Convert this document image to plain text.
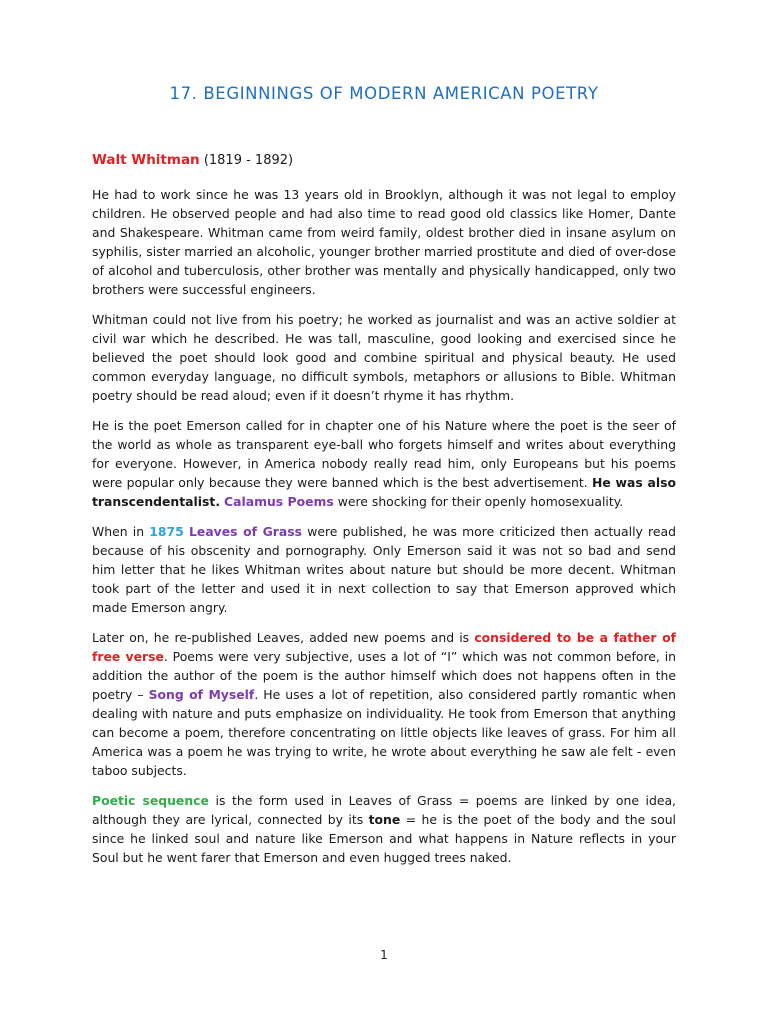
17. BEGINNINGS OF MODERN AMERICAN POETRY
Walt Whitman (1819 - 1892)

He had to work since he was 13 years old in Brooklyn, although it was not legal to employ children. He observed people and had also time to read good old classics like Homer, Dante and Shakespeare. Whitman came from weird family, oldest brother died in insane asylum on syphilis, sister married an alcoholic, younger brother married prostitute and died of over-dose of alcohol and tuberculosis, other brother was mentally and physically handicapped, only two brothers were successful engineers.

Whitman could not live from his poetry; he worked as journalist and was an active soldier at civil war which he described. He was tall, masculine, good looking and exercised since he believed the poet should look good and combine spiritual and physical beauty. He used common everyday language, no difficult symbols, metaphors or allusions to Bible. Whitman poetry should be read aloud; even if it doesn’t rhyme it has rhythm.

He is the poet Emerson called for in chapter one of his Nature where the poet is the seer of the world as whole as transparent eye-ball who forgets himself and writes about everything for everyone. However, in America nobody really read him, only Europeans but his poems were popular only because they were banned which is the best advertisement. He was also transcendentalist. Calamus Poems were shocking for their openly homosexuality.

When in 1875 Leaves of Grass were published, he was more criticized then actually read because of his obscenity and pornography. Only Emerson said it was not so bad and send him letter that he likes Whitman writes about nature but should be more decent. Whitman took part of the letter and used it in next collection to say that Emerson approved which made Emerson angry.

Later on, he re-published Leaves, added new poems and is considered to be a father of free verse. Poems were very subjective, uses a lot of “I” which was not common before, in addition the author of the poem is the author himself which does not happens often in the poetry – Song of Myself. He uses a lot of repetition, also considered partly romantic when dealing with nature and puts emphasize on individuality. He took from Emerson that anything can become a poem, therefore concentrating on little objects like leaves of grass. For him all America was a poem he was trying to write, he wrote about everything he saw ale felt - even taboo subjects.

Poetic sequence is the form used in Leaves of Grass = poems are linked by one idea, although they are lyrical, connected by its tone = he is the poet of the body and the soul since he linked soul and nature like Emerson and what happens in Nature reflects in your Soul but he went farer that Emerson and even hugged trees naked.

1
